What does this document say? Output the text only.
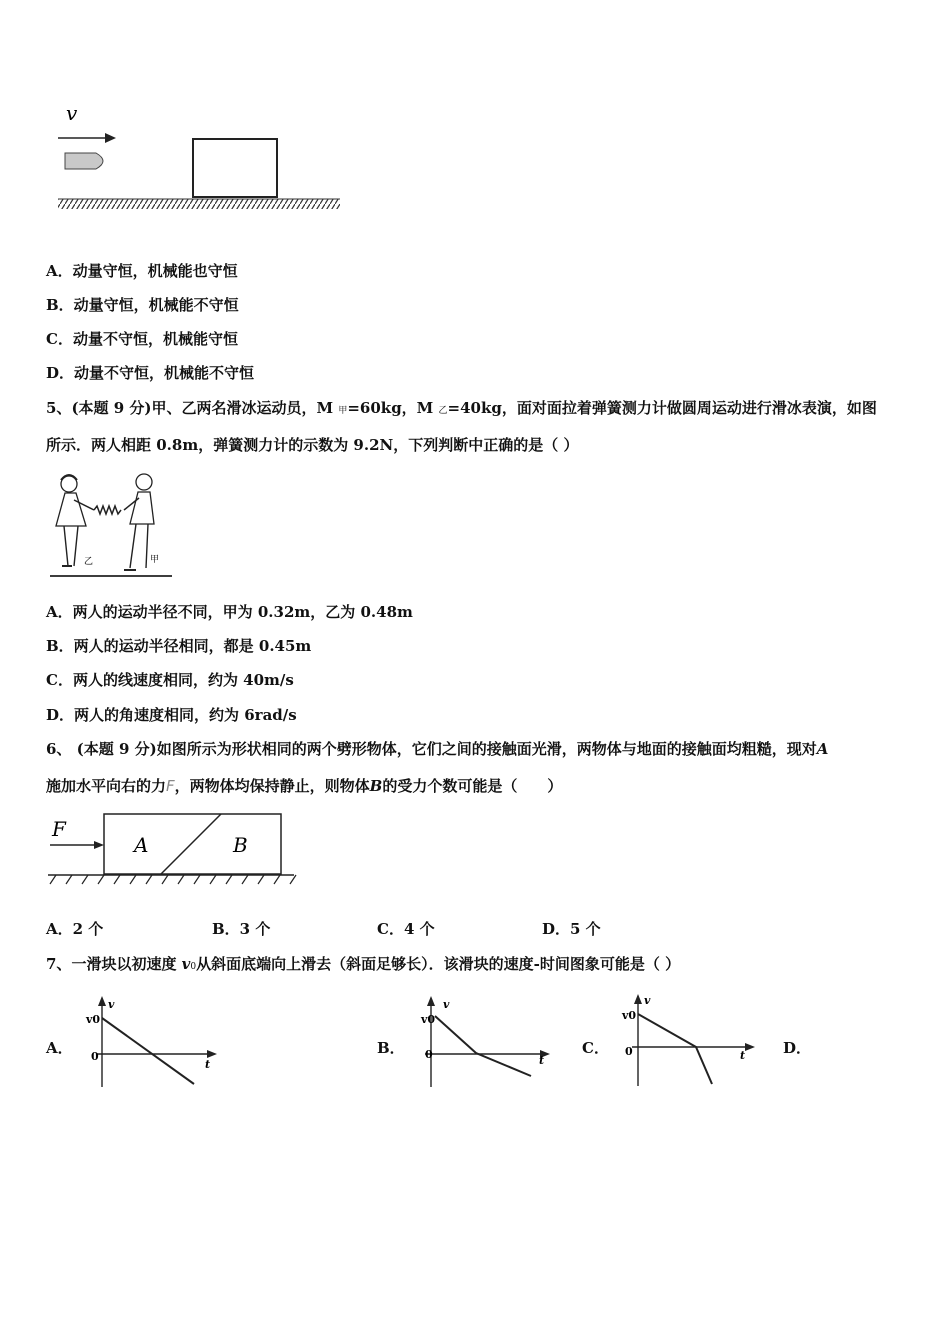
v
A．动量守恒，机械能也守恒
B．动量守恒，机械能不守恒
C．动量不守恒，机械能守恒
D．动量不守恒，机械能不守恒
5、(本题 9 分)甲、乙两名滑冰运动员，M 甲=60kg，M 乙=40kg，面对面拉着弹簧测力计做圆周运动进行滑冰表演，如图
所示．两人相距 0.8m，弹簧测力计的示数为 9.2N，下列判断中正确的是（ ）
乙	甲
A．两人的运动半径不同，甲为 0.32m，乙为 0.48m
B．两人的运动半径相同，都是 0.45m
C．两人的线速度相同，约为 40m/s
D．两人的角速度相同，约为 6rad/s
6、 (本题 9 分)如图所示为形状相同的两个劈形物体，它们之间的接触面光滑，两物体与地面的接触面均粗糙，现对A
施加水平向右的力F，两物体均保持静止，则物体B的受力个数可能是（　　）
F
A	B
A．2 个	B．3 个	C．4 个	D．5 个
7、一滑块以初速度 v0从斜面底端向上滑去（斜面足够长）．该滑块的速度-时间图象可能是（ ）
A．	B．	C．	D．
v
v0
0
t
v
v0
0	t
v
v0
0	t
